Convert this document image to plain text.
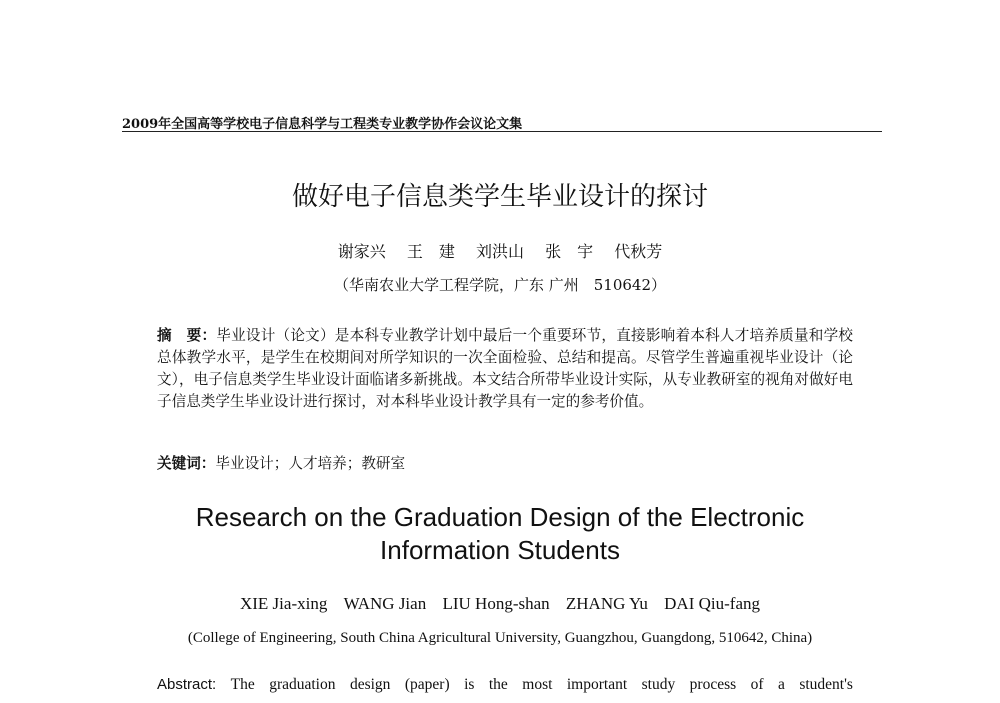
2009年全国高等学校电子信息科学与工程类专业教学协作会议论文集
做好电子信息类学生毕业设计的探讨
谢家兴 王　建 刘洪山 张　宇 代秋芳
（华南农业大学工程学院，广东 广州　510642）
摘　要：毕业设计（论文）是本科专业教学计划中最后一个重要环节，直接影响着本科人才培养质量和学校总体教学水平，是学生在校期间对所学知识的一次全面检验、总结和提高。尽管学生普遍重视毕业设计（论文），电子信息类学生毕业设计面临诸多新挑战。本文结合所带毕业设计实际，从专业教研室的视角对做好电子信息类学生毕业设计进行探讨，对本科毕业设计教学具有一定的参考价值。
关键词：毕业设计；人才培养；教研室
Research on the Graduation Design of the Electronic
Information Students
XIE Jia-xing WANG Jian LIU Hong-shan ZHANG Yu DAI Qiu-fang
(College of Engineering, South China Agricultural University, Guangzhou, Guangdong, 510642, China)
Abstract: The graduation design (paper) is the most important study process of a student's
